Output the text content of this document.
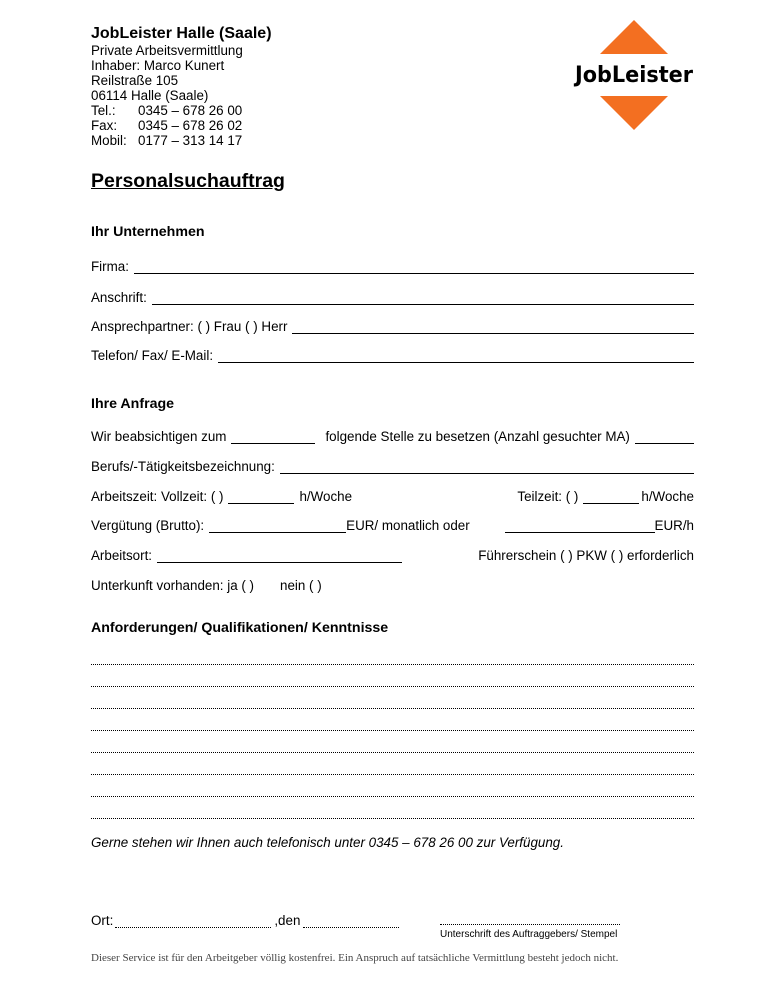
JobLeister Halle (Saale)
Private Arbeitsvermittlung
Inhaber: Marco Kunert
Reilstraße 105
06114 Halle (Saale)
Tel.: 0345 – 678 26 00
Fax: 0345 – 678 26 02
Mobil: 0177 – 313 14 17
JobLeister
Personalsuchauftrag
Ihr Unternehmen
Firma:
Anschrift:
Ansprechpartner: ( ) Frau ( ) Herr
Telefon/ Fax/ E-Mail:
Ihre Anfrage
Wir beabsichtigen zum	folgende Stelle zu besetzen (Anzahl gesuchter MA)
Berufs/-Tätigkeitsbezeichnung:
Arbeitszeit: Vollzeit: ( )	h/Woche	Teilzeit: ( )	h/Woche
Vergütung (Brutto):	EUR/ monatlich oder	EUR/h
Arbeitsort:	Führerschein ( ) PKW ( ) erforderlich
Unterkunft vorhanden: ja ( ) nein ( )
Anforderungen/ Qualifikationen/ Kenntnisse
Gerne stehen wir Ihnen auch telefonisch unter 0345 – 678 26 00 zur Verfügung.
Ort:	,den
Unterschrift des Auftraggebers/ Stempel
Dieser Service ist für den Arbeitgeber völlig kostenfrei. Ein Anspruch auf tatsächliche Vermittlung besteht jedoch nicht.
